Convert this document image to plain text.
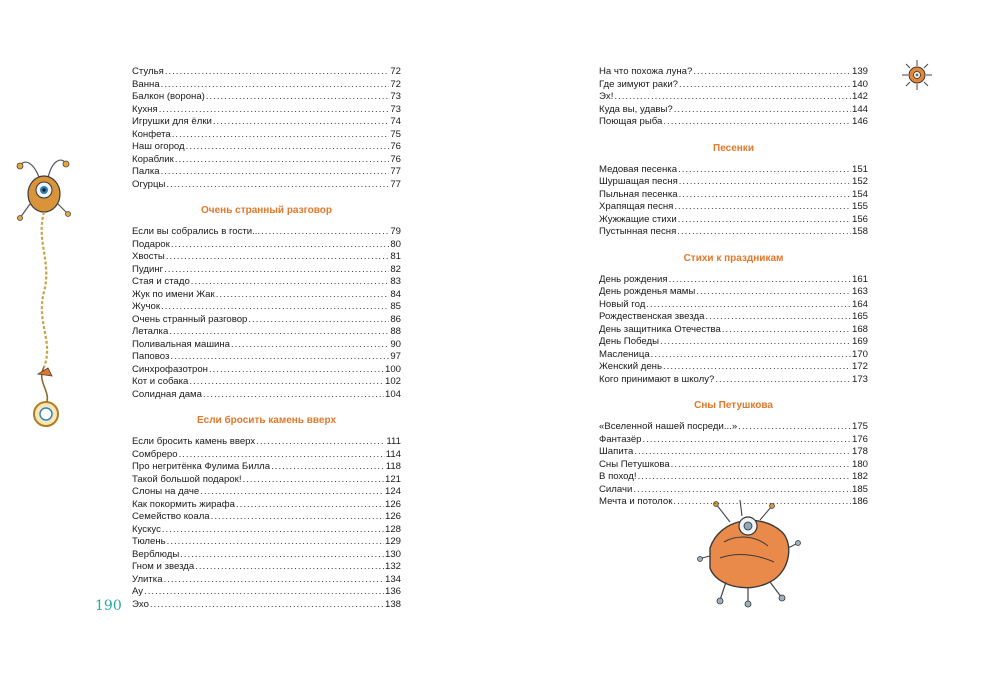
Стулья .....	72
Ванна .....	72
Балкон (ворона) .....	73
Кухня .....	73
Игрушки для ёлки .....	74
Конфета .....	75
Наш огород .....	76
Кораблик .....	76
Палка .....	77
Огурцы .....	77
Очень странный разговор
Если вы собрались в гости... .....	79
Подарок .....	80
Хвосты .....	81
Пудинг .....	82
Стая и стадо .....	83
Жук по имени Жак .....	84
Жучок .....	85
Очень странный разговор .....	86
Леталка .....	88
Поливальная машина .....	90
Паповоз .....	97
Синхрофазотрон .....	100
Кот и собака .....	102
Солидная дама .....	104
Если бросить камень вверх
Если бросить камень вверх .....	111
Сомбреро .....	114
Про негритёнка Фулима Билла .....	118
Такой большой подарок! .....	121
Слоны на даче .....	124
Как покормить жирафа .....	126
Семейство коала .....	126
Кускус .....	128
Тюлень .....	129
Верблюды .....	130
Гном и звезда .....	132
Улитка .....	134
Ау .....	136
Эхо .....	138
На что похожа луна? .....	139
Где зимуют раки? .....	140
Эх! .....	142
Куда вы, удавы? .....	144
Поющая рыба .....	146
Песенки
Медовая песенка .....	151
Шуршащая песня .....	152
Пыльная песенка .....	154
Храпящая песня .....	155
Жужжащие стихи .....	156
Пустынная песня .....	158
Стихи к праздникам
День рождения .....	161
День рожденья мамы .....	163
Новый год .....	164
Рождественская звезда .....	165
День защитника Отечества .....	168
День Победы .....	169
Масленица .....	170
Женский день .....	172
Кого принимают в школу? .....	173
Сны Петушкова
«Вселенной нашей посреди...» .....	175
Фантазёр .....	176
Шапита .....	178
Сны Петушкова .....	180
В поход! .....	182
Силачи .....	185
Мечта и потолок .....	186
190
